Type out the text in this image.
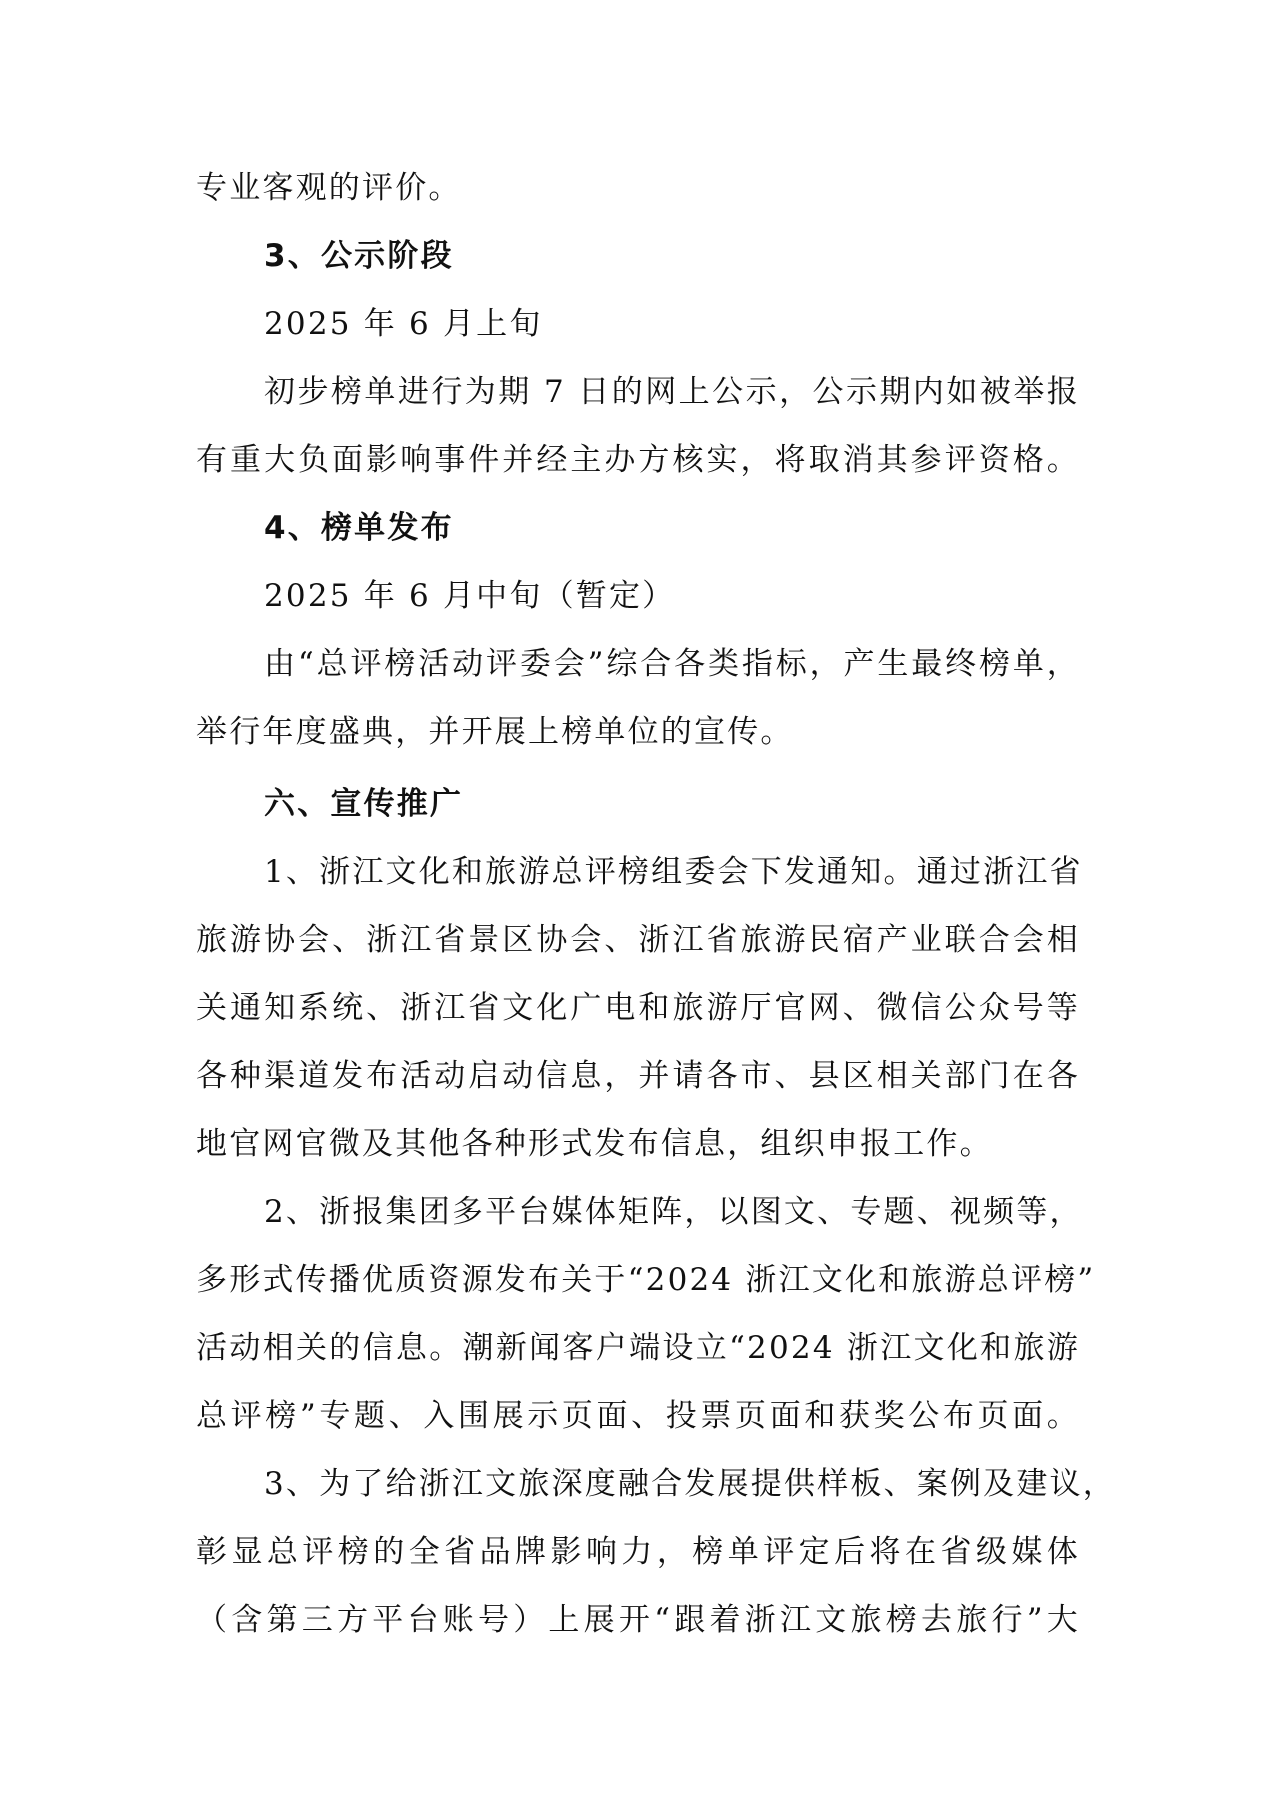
专业客观的评价。
3、公示阶段
2025 年 6 月上旬
初步榜单进行为期 7 日的网上公示，公示期内如被举报
有重大负面影响事件并经主办方核实，将取消其参评资格。
4、榜单发布
2025 年 6 月中旬（暂定）
由“总评榜活动评委会”综合各类指标，产生最终榜单，
举行年度盛典，并开展上榜单位的宣传。
六、宣传推广
1、浙江文化和旅游总评榜组委会下发通知。通过浙江省
旅游协会、浙江省景区协会、浙江省旅游民宿产业联合会相
关通知系统、浙江省文化广电和旅游厅官网、微信公众号等
各种渠道发布活动启动信息，并请各市、县区相关部门在各
地官网官微及其他各种形式发布信息，组织申报工作。
2、浙报集团多平台媒体矩阵，以图文、专题、视频等，
多形式传播优质资源发布关于“2024 浙江文化和旅游总评榜”
活动相关的信息。潮新闻客户端设立“2024 浙江文化和旅游
总评榜”专题、入围展示页面、投票页面和获奖公布页面。
3、为了给浙江文旅深度融合发展提供样板、案例及建议，
彰显总评榜的全省品牌影响力，榜单评定后将在省级媒体
（含第三方平台账号）上展开“跟着浙江文旅榜去旅行”大
